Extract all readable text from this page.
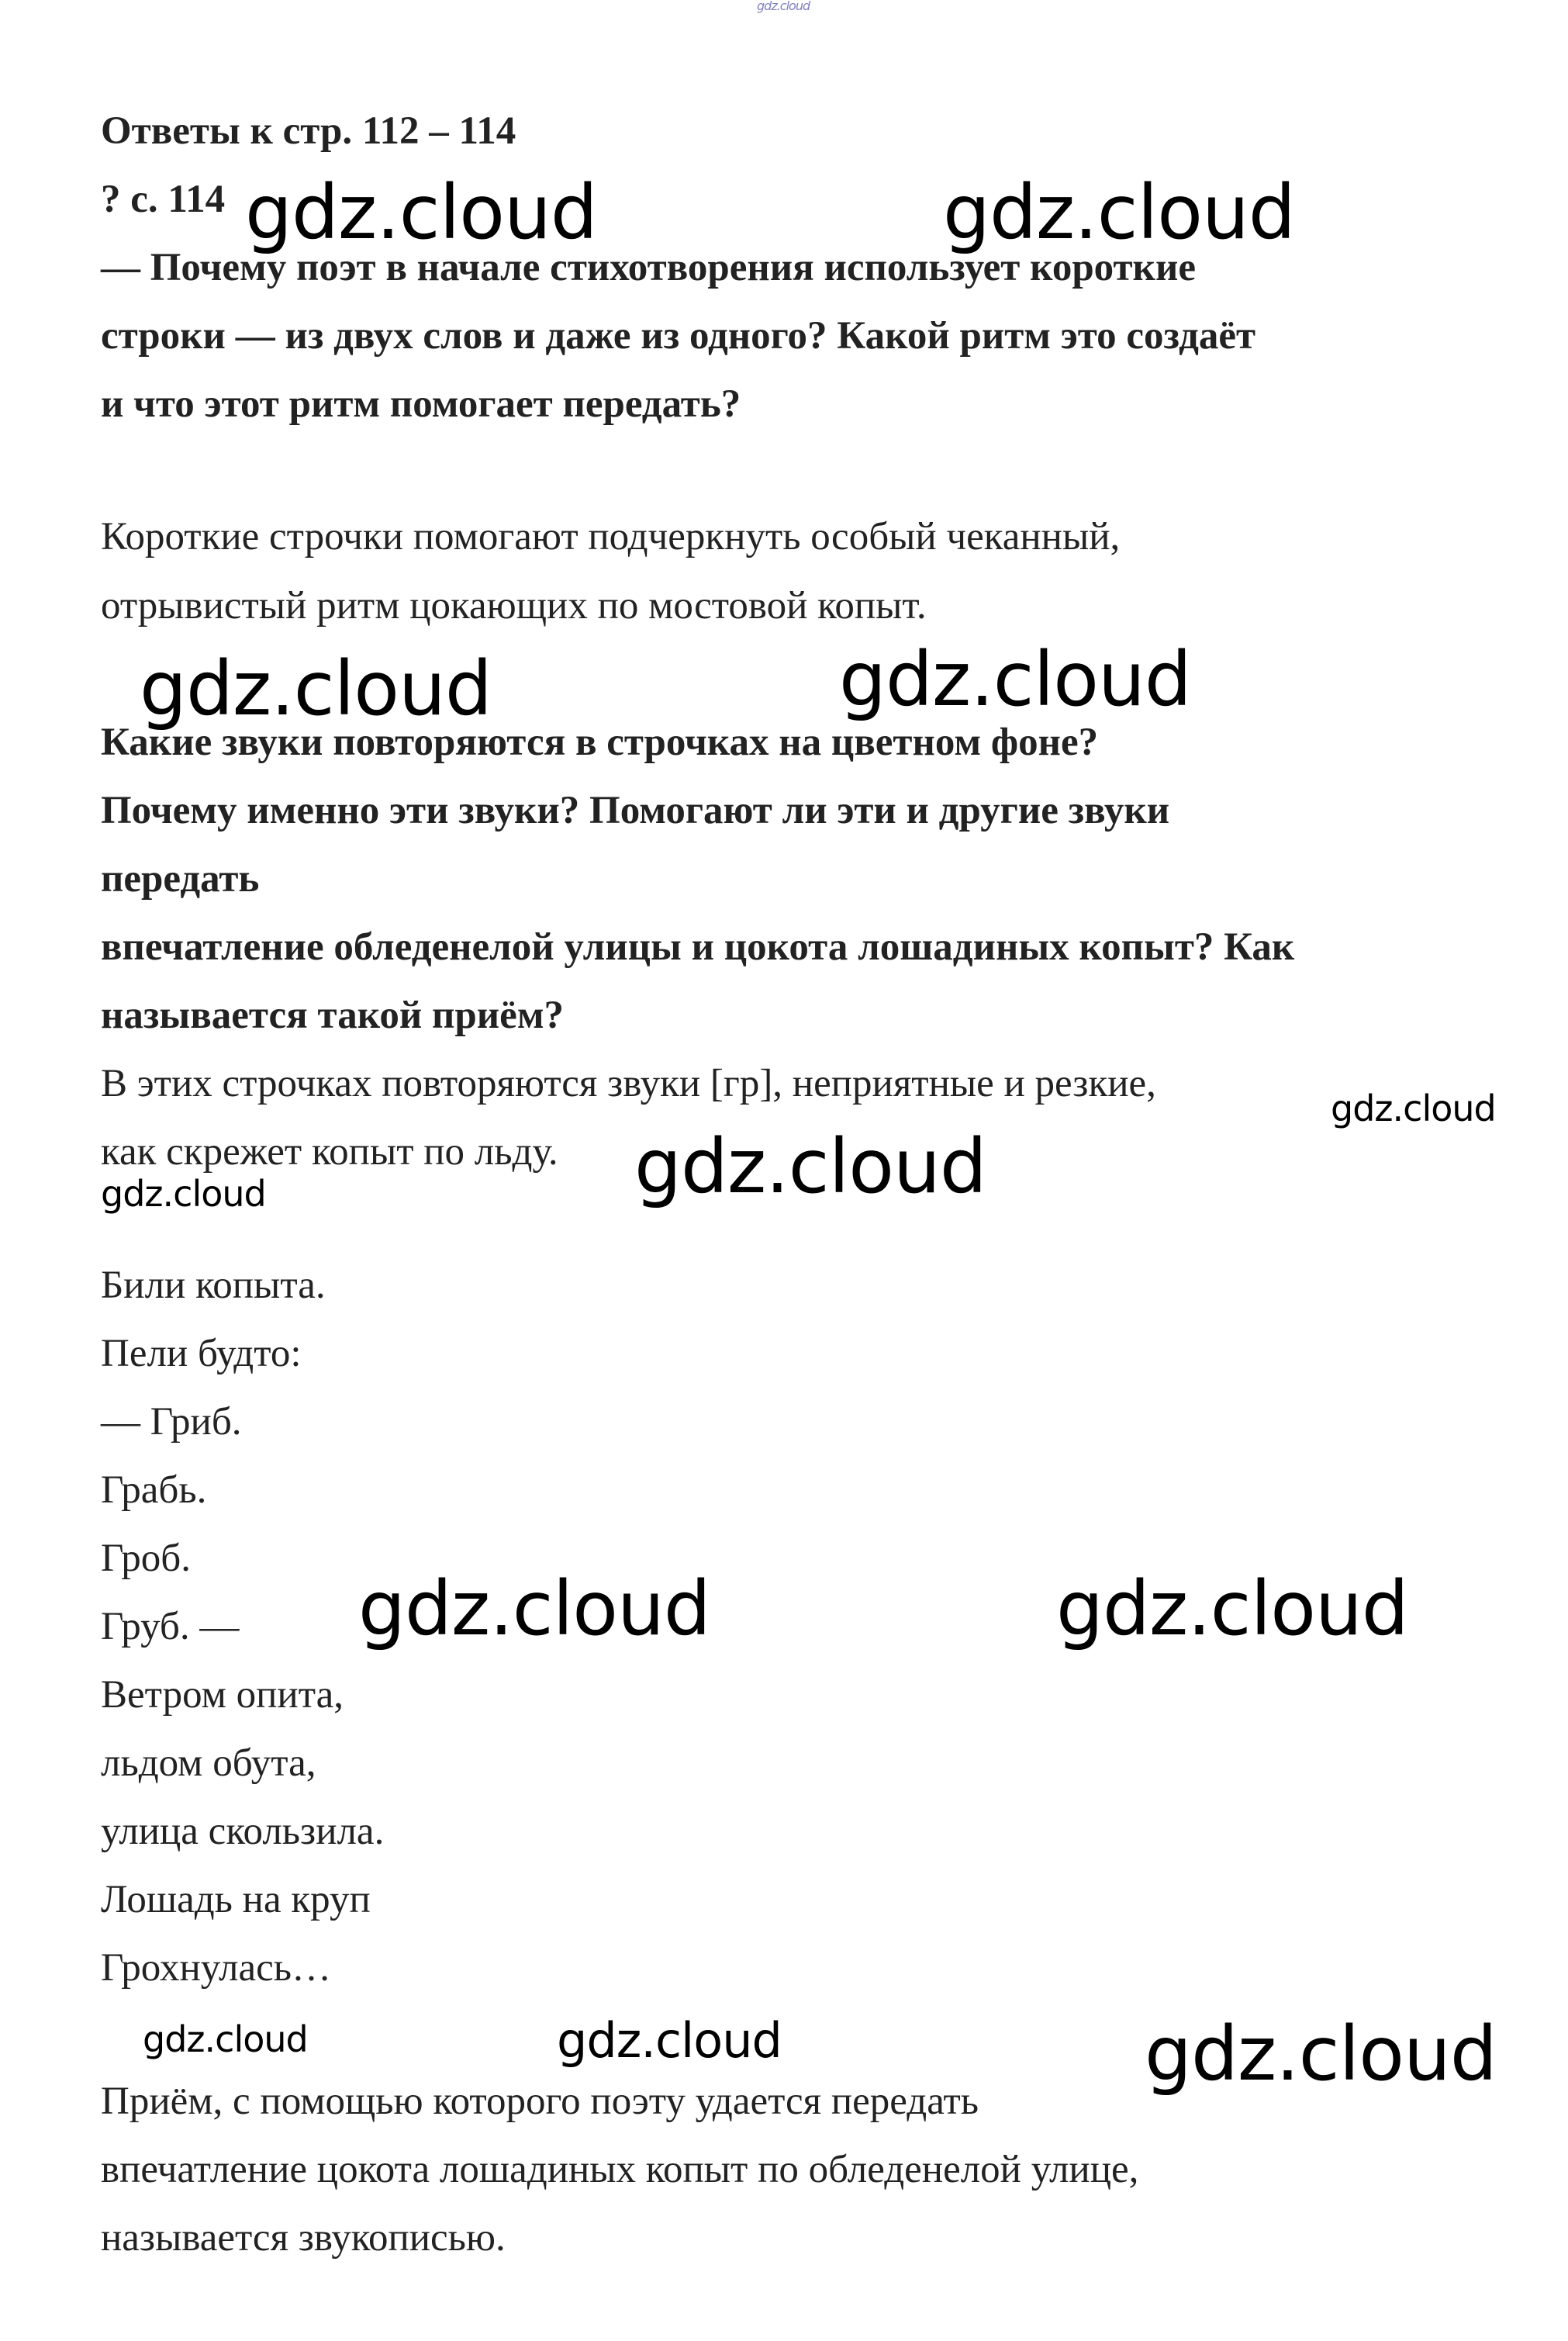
gdz.cloud
Ответы к стр. 112 – 114
? с. 114
— Почему поэт в начале стихотворения использует короткие
строки — из двух слов и даже из одного? Какой ритм это создаёт
и что этот ритм помогает передать?
Короткие строчки помогают подчеркнуть особый чеканный,
отрывистый ритм цокающих по мостовой копыт.
Какие звуки повторяются в строчках на цветном фоне?
Почему именно эти звуки? Помогают ли эти и другие звуки
передать
впечатление обледенелой улицы и цокота лошадиных копыт? Как
называется такой приём?
В этих строчках повторяются звуки [гр], неприятные и резкие,
как скрежет копыт по льду.
Били копыта.
Пели будто:
— Гриб.
Грабь.
Гроб.
Груб. —
Ветром опита,
льдом обута,
улица скользила.
Лошадь на круп
Грохнулась…
Приём, с помощью которого поэту удается передать
впечатление цокота лошадиных копыт по обледенелой улице,
называется звукописью.
gdz.cloud	gdz.cloud
gdz.cloud	gdz.cloud
gdz.cloud
gdz.cloud
gdz.cloud
gdz.cloud	gdz.cloud
gdz.cloud	gdz.cloud	gdz.cloud
